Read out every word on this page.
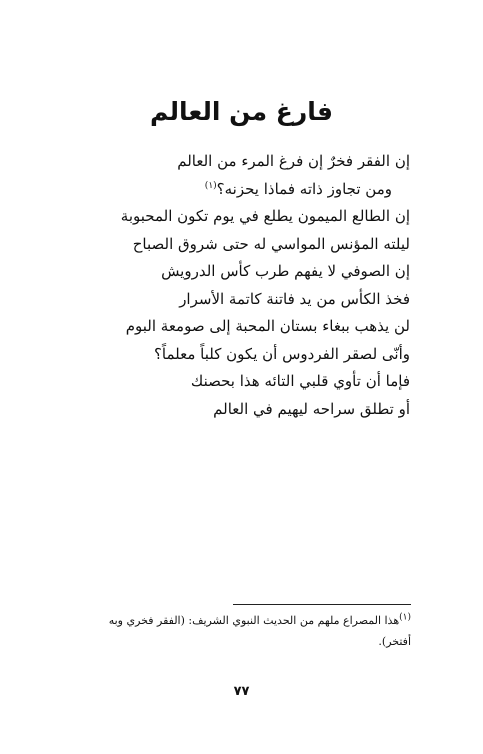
فارغ من العالم
إن الفقر فخرٌ إن فرغ المرء من العالم
ومن تجاوز ذاته فماذا يحزنه؟$^{(١)}$
إن الطالع الميمون يطلع في يوم تكون المحبوبة
ليلته المؤنس المواسي له حتى شروق الصباح
إن الصوفي لا يفهم طرب كأس الدرويش
فخذ الكأس من يد فاتنة كاتمة الأسرار
لن يذهب ببغاء بستان المحبة إلى صومعة البوم
وأنّى لصقر الفردوس أن يكون كلباً معلماً؟
فإما أن تأوي قلبي التائه هذا بحصنك
أو تطلق سراحه ليهيم في العالم
$^{(١)}$هذا المصراع ملهم من الحديث النبوي الشريف: (الفقر فخري وبه
أفتخر).
٧٧
